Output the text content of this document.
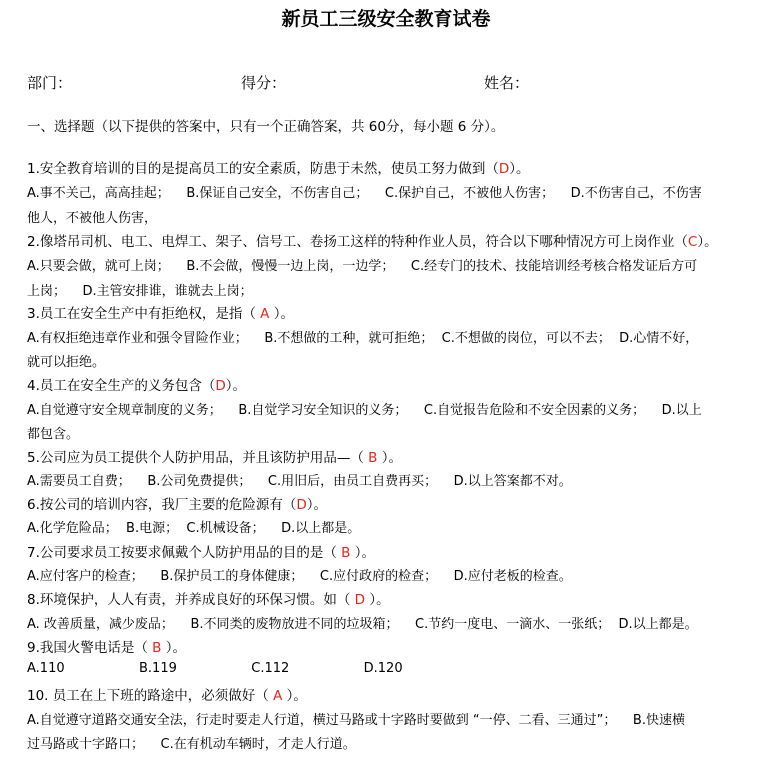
新员工三级安全教育试卷
部门：	得分：	姓名：
一、选择题（以下提供的答案中，只有一个正确答案，共 60分，每小题 6 分）。
1.安全教育培训的目的是提高员工的安全素质，防患于未然，使员工努力做到（D）。
A.事不关己，高高挂起；    B.保证自己安全，不伤害自己；    C.保护自己，不被他人伤害；    D.不伤害自己，不伤害
他人，不被他人伤害，
2.像塔吊司机、电工、电焊工、架子、信号工、卷扬工这样的特种作业人员，符合以下哪种情况方可上岗作业（C）。
A.只要会做，就可上岗；    B.不会做，慢慢一边上岗，一边学；    C.经专门的技术、技能培训经考核合格发证后方可
上岗；    D.主管安排谁，谁就去上岗；
3.员工在安全生产中有拒绝权，是指（ A ）。
A.有权拒绝违章作业和强令冒险作业；    B.不想做的工种，就可拒绝；  C.不想做的岗位，可以不去；  D.心情不好，
就可以拒绝。
4.员工在安全生产的义务包含（D）。
A.自觉遵守安全规章制度的义务；    B.自觉学习安全知识的义务；    C.自觉报告危险和不安全因素的义务；    D.以上
都包含。
5.公司应为员工提供个人防护用品，并且该防护用品—（ B ）。
A.需要员工自费；    B.公司免费提供；    C.用旧后，由员工自费再买；    D.以上答案都不对。
6.按公司的培训内容，我厂主要的危险源有（D）。
A.化学危险品；  B.电源；  C.机械设备；    D.以上都是。
7.公司要求员工按要求佩戴个人防护用品的目的是（ B ）。
A.应付客户的检查；    B.保护员工的身体健康；    C.应付政府的检查；    D.应付老板的检查。
8.环境保护，人人有责，并养成良好的环保习惯。如（ D ）。
A. 改善质量，减少废品；    B.不同类的废物放进不同的垃圾箱；    C.节约一度电、一滴水、一张纸；  D.以上都是。
9.我国火警电话是（ B ）。
A.110                  B.119                  C.112                  D.120
10. 员工在上下班的路途中，必须做好（ A ）。
A.自觉遵守道路交通安全法，行走时要走人行道，横过马路或十字路时要做到 “一停、二看、三通过”；    B.快速横
过马路或十字路口；    C.在有机动车辆时，才走人行道。
